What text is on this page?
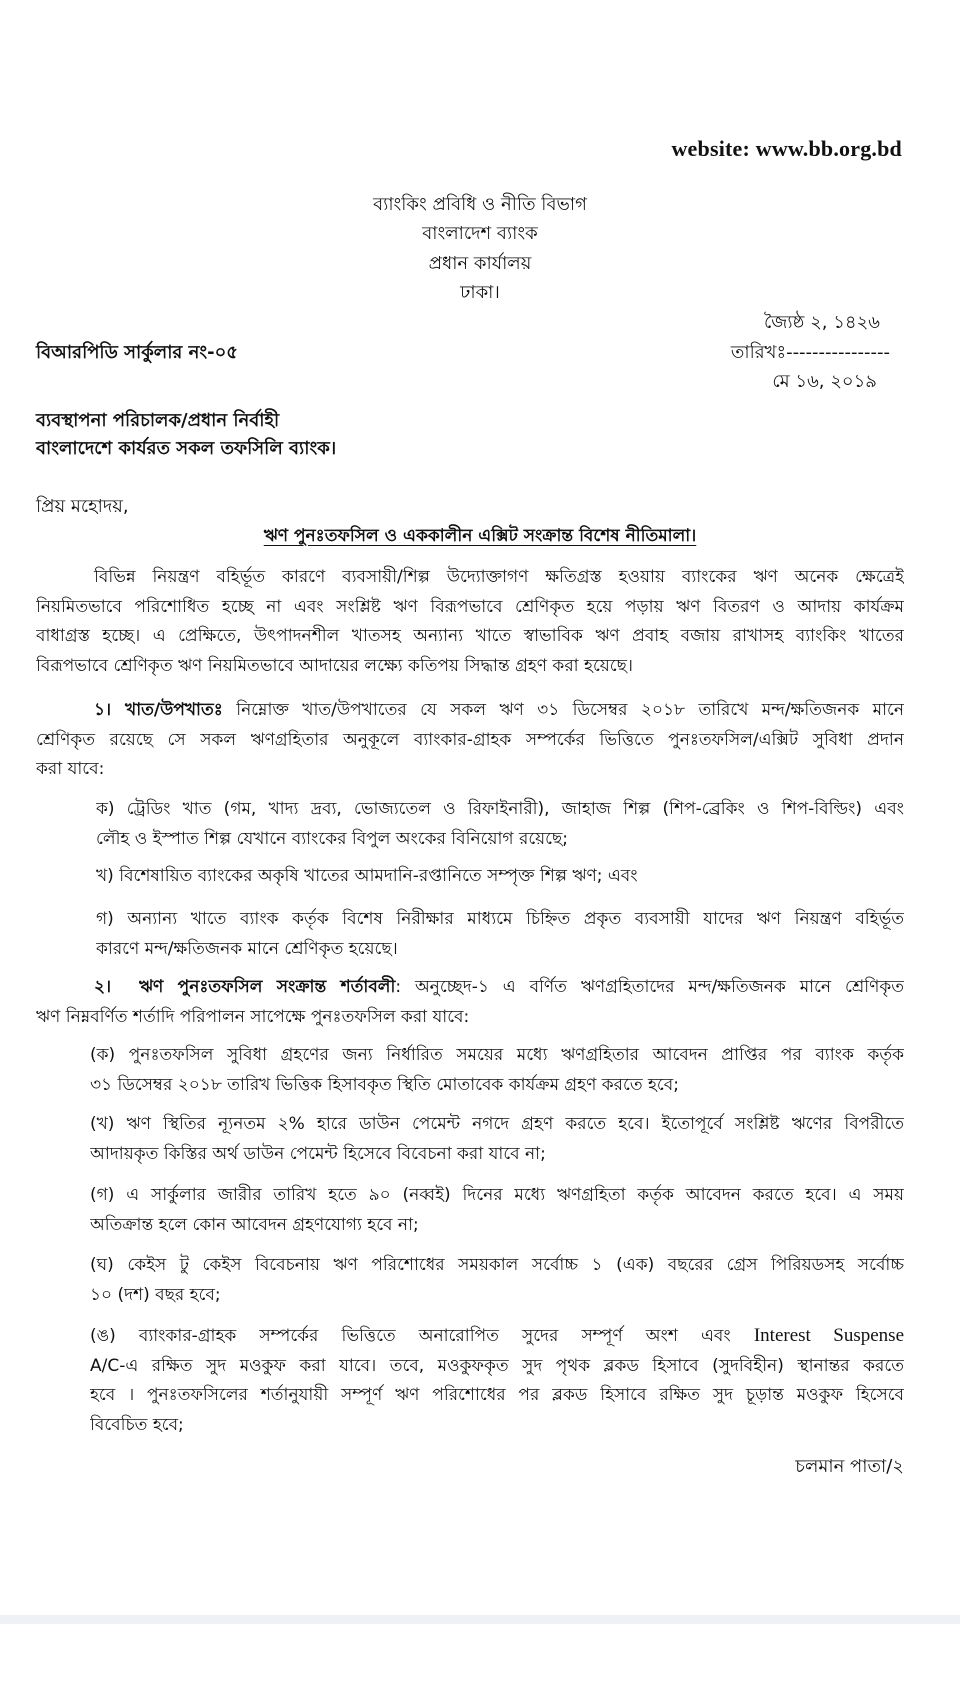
website: www.bb.org.bd
ব্যাংকিং প্রবিধি ও নীতি বিভাগ
বাংলাদেশ ব্যাংক
প্রধান কার্যালয়
ঢাকা।
জ্যৈষ্ঠ ২, ১৪২৬
বিআরপিডি সার্কুলার নং-০৫	তারিখঃ----------------
মে ১৬, ২০১৯
ব্যবস্থাপনা পরিচালক/প্রধান নির্বাহী
বাংলাদেশে কার্যরত সকল তফসিলি ব্যাংক।
প্রিয় মহোদয়,
ঋণ পুনঃতফসিল ও এককালীন এক্সিট সংক্রান্ত বিশেষ নীতিমালা।
বিভিন্ন নিয়ন্ত্রণ বহির্ভূত কারণে ব্যবসায়ী/শিল্প উদ্যোক্তাগণ ক্ষতিগ্রস্ত হওয়ায় ব্যাংকের ঋণ অনেক ক্ষেত্রেই
নিয়মিতভাবে পরিশোধিত হচ্ছে না এবং সংশ্লিষ্ট ঋণ বিরূপভাবে শ্রেণিকৃত হয়ে পড়ায় ঋণ বিতরণ ও আদায় কার্যক্রম
বাধাগ্রস্ত হচ্ছে। এ প্রেক্ষিতে, উৎপাদনশীল খাতসহ অন্যান্য খাতে স্বাভাবিক ঋণ প্রবাহ বজায় রাখাসহ ব্যাংকিং খাতের
বিরূপভাবে শ্রেণিকৃত ঋণ নিয়মিতভাবে আদায়ের লক্ষ্যে কতিপয় সিদ্ধান্ত গ্রহণ করা হয়েছে।
১। খাত/উপখাতঃ নিম্নোক্ত খাত/উপখাতের যে সকল ঋণ ৩১ ডিসেম্বর ২০১৮ তারিখে মন্দ/ক্ষতিজনক মানে
শ্রেণিকৃত রয়েছে সে সকল ঋণগ্রহিতার অনুকূলে ব্যাংকার-গ্রাহক সম্পর্কের ভিত্তিতে পুনঃতফসিল/এক্সিট সুবিধা প্রদান
করা যাবে:
ক) ট্রেডিং খাত (গম, খাদ্য দ্রব্য, ভোজ্যতেল ও রিফাইনারী), জাহাজ শিল্প (শিপ-ব্রেকিং ও শিপ-বিল্ডিং) এবং
লৌহ ও ইস্পাত শিল্প যেখানে ব্যাংকের বিপুল অংকের বিনিয়োগ রয়েছে;
খ) বিশেষায়িত ব্যাংকের অকৃষি খাতের আমদানি-রপ্তানিতে সম্পৃক্ত শিল্প ঋণ; এবং
গ) অন্যান্য খাতে ব্যাংক কর্তৃক বিশেষ নিরীক্ষার মাধ্যমে চিহ্নিত প্রকৃত ব্যবসায়ী যাদের ঋণ নিয়ন্ত্রণ বহির্ভূত
কারণে মন্দ/ক্ষতিজনক মানে শ্রেণিকৃত হয়েছে।
২। ঋণ পুনঃতফসিল সংক্রান্ত শর্তাবলী: অনুচ্ছেদ-১ এ বর্ণিত ঋণগ্রহিতাদের মন্দ/ক্ষতিজনক মানে শ্রেণিকৃত
ঋণ নিম্নবর্ণিত শর্তাদি পরিপালন সাপেক্ষে পুনঃতফসিল করা যাবে:
(ক) পুনঃতফসিল সুবিধা গ্রহণের জন্য নির্ধারিত সময়ের মধ্যে ঋণগ্রহিতার আবেদন প্রাপ্তির পর ব্যাংক কর্তৃক
৩১ ডিসেম্বর ২০১৮ তারিখ ভিত্তিক হিসাবকৃত স্থিতি মোতাবেক কার্যক্রম গ্রহণ করতে হবে;
(খ) ঋণ স্থিতির ন্যূনতম ২% হারে ডাউন পেমেন্ট নগদে গ্রহণ করতে হবে। ইতোপূর্বে সংশ্লিষ্ট ঋণের বিপরীতে
আদায়কৃত কিস্তির অর্থ ডাউন পেমেন্ট হিসেবে বিবেচনা করা যাবে না;
(গ) এ সার্কুলার জারীর তারিখ হতে ৯০ (নব্বই) দিনের মধ্যে ঋণগ্রহিতা কর্তৃক আবেদন করতে হবে। এ সময়
অতিক্রান্ত হলে কোন আবেদন গ্রহণযোগ্য হবে না;
(ঘ) কেইস টু কেইস বিবেচনায় ঋণ পরিশোধের সময়কাল সর্বোচ্চ ১ (এক) বছরের গ্রেস পিরিয়ডসহ সর্বোচ্চ
১০ (দশ) বছর হবে;
(ঙ) ব্যাংকার-গ্রাহক সম্পর্কের ভিত্তিতে অনারোপিত সুদের সম্পূর্ণ অংশ এবং Interest Suspense
A/C-এ রক্ষিত সুদ মওকুফ করা যাবে। তবে, মওকুফকৃত সুদ পৃথক ব্লকড হিসাবে (সুদবিহীন) স্থানান্তর করতে
হবে । পুনঃতফসিলের শর্তানুযায়ী সম্পূর্ণ ঋণ পরিশোধের পর ব্লকড হিসাবে রক্ষিত সুদ চূড়ান্ত মওকুফ হিসেবে
বিবেচিত হবে;
চলমান পাতা/২
